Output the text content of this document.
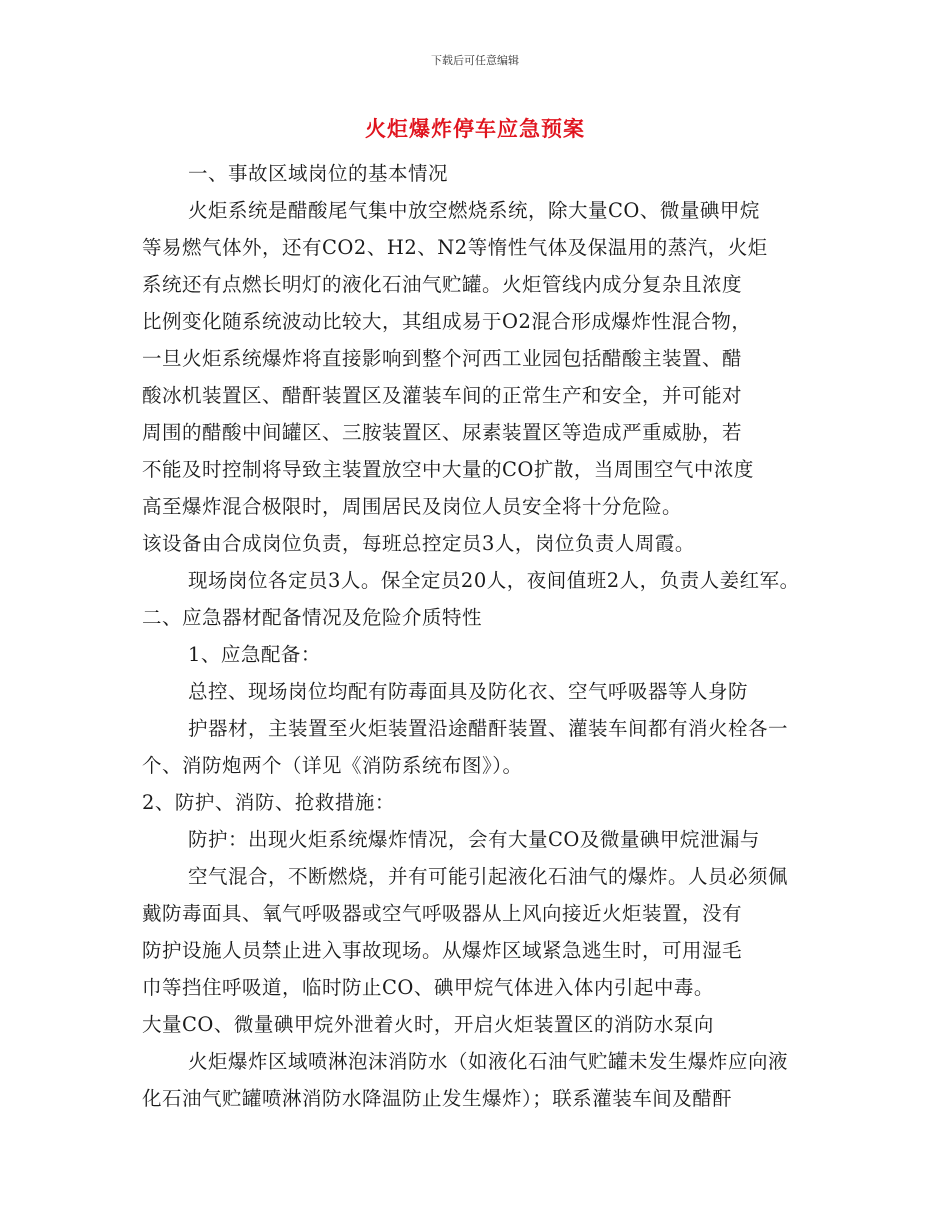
下载后可任意编辑
火炬爆炸停车应急预案
一、事故区域岗位的基本情况
火炬系统是醋酸尾气集中放空燃烧系统，除大量CO、微量碘甲烷
等易燃气体外，还有CO2、H2、N2等惰性气体及保温用的蒸汽，火炬
系统还有点燃长明灯的液化石油气贮罐。火炬管线内成分复杂且浓度
比例变化随系统波动比较大，其组成易于O2混合形成爆炸性混合物，
一旦火炬系统爆炸将直接影响到整个河西工业园包括醋酸主装置、醋
酸冰机装置区、醋酐装置区及灌装车间的正常生产和安全，并可能对
周围的醋酸中间罐区、三胺装置区、尿素装置区等造成严重威胁，若
不能及时控制将导致主装置放空中大量的CO扩散，当周围空气中浓度
高至爆炸混合极限时，周围居民及岗位人员安全将十分危险。
该设备由合成岗位负责，每班总控定员3人，岗位负责人周霞。
现场岗位各定员3人。保全定员20人，夜间值班2人，负责人姜红军。
二、应急器材配备情况及危险介质特性
1、应急配备：
总控、现场岗位均配有防毒面具及防化衣、空气呼吸器等人身防
护器材，主装置至火炬装置沿途醋酐装置、灌装车间都有消火栓各一
个、消防炮两个（详见《消防系统布图》）。
2、防护、消防、抢救措施：
防护：出现火炬系统爆炸情况，会有大量CO及微量碘甲烷泄漏与
空气混合，不断燃烧，并有可能引起液化石油气的爆炸。人员必须佩
戴防毒面具、氧气呼吸器或空气呼吸器从上风向接近火炬装置，没有
防护设施人员禁止进入事故现场。从爆炸区域紧急逃生时，可用湿毛
巾等挡住呼吸道，临时防止CO、碘甲烷气体进入体内引起中毒。
大量CO、微量碘甲烷外泄着火时，开启火炬装置区的消防水泵向
火炬爆炸区域喷淋泡沫消防水（如液化石油气贮罐未发生爆炸应向液
化石油气贮罐喷淋消防水降温防止发生爆炸）；联系灌装车间及醋酐
